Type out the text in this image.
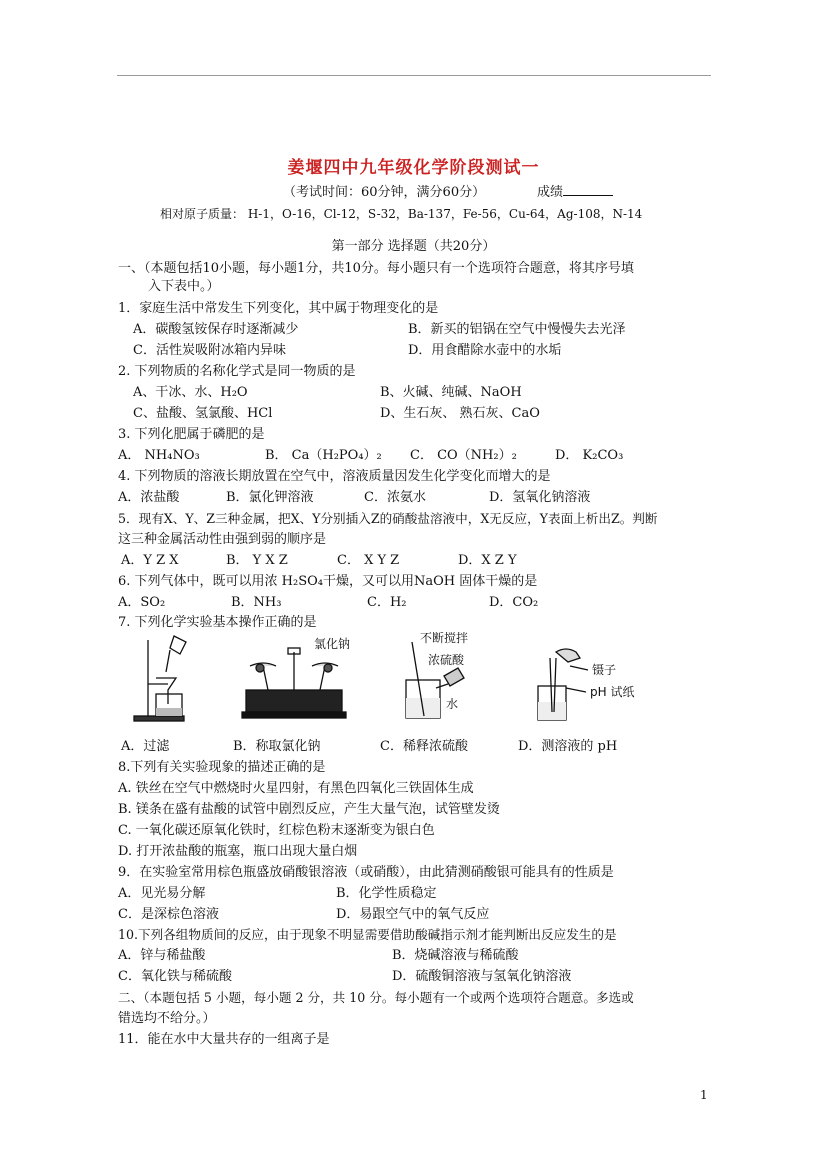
姜堰四中九年级化学阶段测试一
（考试时间：60分钟，满分60分）	成绩
相对原子质量： H-1，O-16，Cl-12，S-32，Ba-137，Fe-56，Cu-64，Ag-108，N-14
第一部分 选择题（共20分）
一、（本题包括10小题，每小题1分，共10分。每小题只有一个选项符合题意，将其序号填
入下表中。）
1．家庭生活中常发生下列变化，其中属于物理变化的是
A．碳酸氢铵保存时逐渐减少	B．新买的铝锅在空气中慢慢失去光泽
C．活性炭吸附冰箱内异味	D．用食醋除水壶中的水垢
2. 下列物质的名称化学式是同一物质的是
A、干冰、水、H₂O	B、火碱、纯碱、NaOH
C、盐酸、氢氯酸、HCl	D、生石灰、 熟石灰、CaO
3. 下列化肥属于磷肥的是
A． NH₄NO₃	B． Ca（H₂PO₄）₂ C． CO（NH₂）₂	D． K₂CO₃
4. 下列物质的溶液长期放置在空气中，溶液质量因发生化学变化而增大的是
A．浓盐酸	B．氯化钾溶液	C．浓氨水	D．氢氧化钠溶液
5．现有X、Y、Z三种金属，把X、Y分别插入Z的硝酸盐溶液中，X无反应，Y表面上析出Z。判断
这三种金属活动性由强到弱的顺序是
A．Y Z X	B． Y X Z	C． X Y Z	D．X Z Y
6. 下列气体中，既可以用浓 H₂SO₄干燥，又可以用NaOH 固体干燥的是
A．SO₂	B．NH₃	C．H₂	D．CO₂
7. 下列化学实验基本操作正确的是
氯化钠	不断搅拌
浓硫酸
水
镊子
pH 试纸
A．过滤	B．称取氯化钠	C．稀释浓硫酸	D．测溶液的 pH
8.下列有关实验现象的描述正确的是
A. 铁丝在空气中燃烧时火星四射，有黑色四氧化三铁固体生成
B. 镁条在盛有盐酸的试管中剧烈反应，产生大量气泡，试管壁发烫
C. 一氧化碳还原氧化铁时，红棕色粉末逐渐变为银白色
D. 打开浓盐酸的瓶塞，瓶口出现大量白烟
9．在实验室常用棕色瓶盛放硝酸银溶液（或硝酸），由此猜测硝酸银可能具有的性质是
A．见光易分解	B．化学性质稳定
C．是深棕色溶液	D．易跟空气中的氧气反应
10.下列各组物质间的反应，由于现象不明显需要借助酸碱指示剂才能判断出反应发生的是
A．锌与稀盐酸	B．烧碱溶液与稀硫酸
C．氧化铁与稀硫酸	D．硫酸铜溶液与氢氧化钠溶液
二、（本题包括 5 小题，每小题 2 分，共 10 分。每小题有一个或两个选项符合题意。多选或
错选均不给分。）
11．能在水中大量共存的一组离子是
1
